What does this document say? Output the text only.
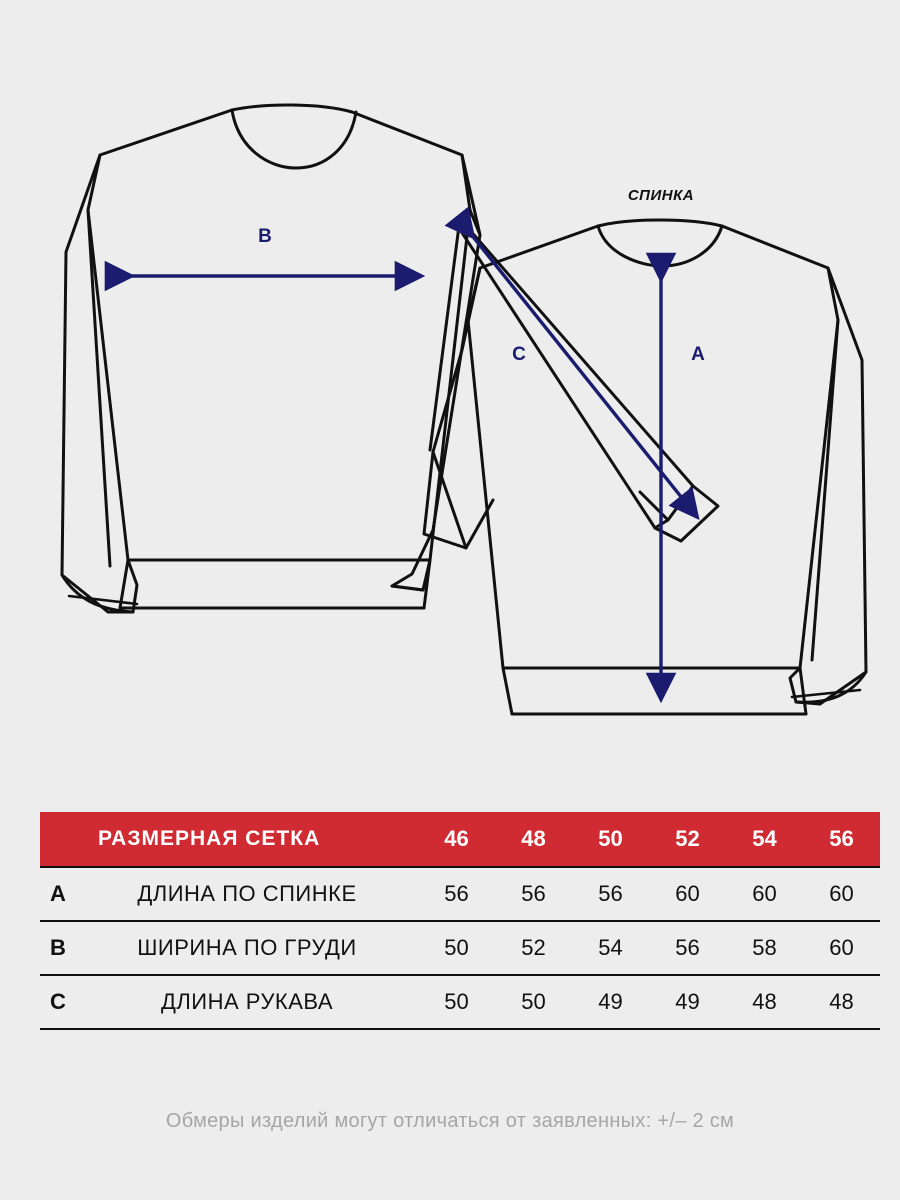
B
A
C
СПИНКА
	РАЗМЕРНАЯ СЕТКА	46	48	50	52	54	56
A	ДЛИНА ПО СПИНКЕ	56	56	56	60	60	60
B	ШИРИНА ПО ГРУДИ	50	52	54	56	58	60
C	ДЛИНА РУКАВА	50	50	49	49	48	48
Обмеры изделий могут отличаться от заявленных: +/– 2 см
